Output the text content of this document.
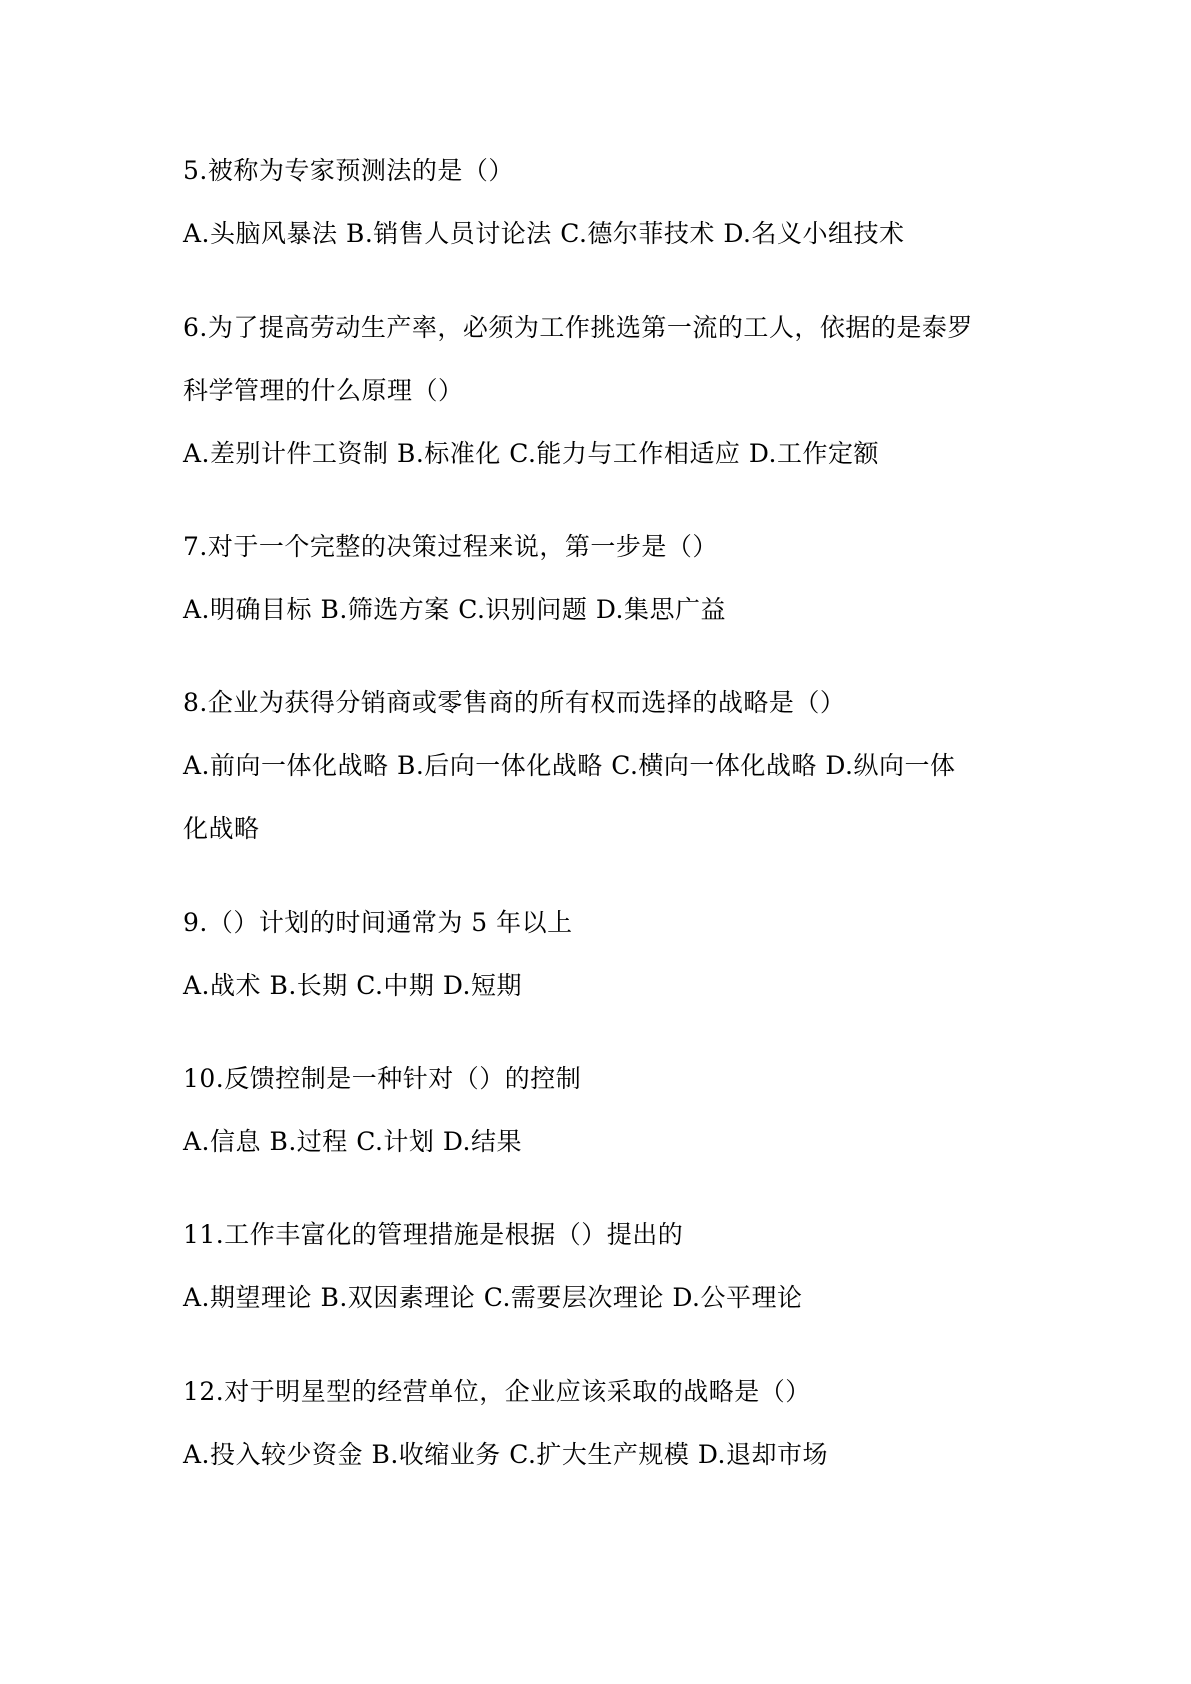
5.被称为专家预测法的是（）
A.头脑风暴法 B.销售人员讨论法 C.德尔菲技术 D.名义小组技术
6.为了提高劳动生产率，必须为工作挑选第一流的工人，依据的是泰罗
科学管理的什么原理（）
A.差别计件工资制 B.标准化 C.能力与工作相适应 D.工作定额
7.对于一个完整的决策过程来说，第一步是（）
A.明确目标 B.筛选方案 C.识别问题 D.集思广益
8.企业为获得分销商或零售商的所有权而选择的战略是（）
A.前向一体化战略 B.后向一体化战略 C.横向一体化战略 D.纵向一体
化战略
9.（）计划的时间通常为 5 年以上
A.战术 B.长期 C.中期 D.短期
10.反馈控制是一种针对（）的控制
A.信息 B.过程 C.计划 D.结果
11.工作丰富化的管理措施是根据（）提出的
A.期望理论 B.双因素理论 C.需要层次理论 D.公平理论
12.对于明星型的经营单位，企业应该采取的战略是（）
A.投入较少资金 B.收缩业务 C.扩大生产规模 D.退却市场
